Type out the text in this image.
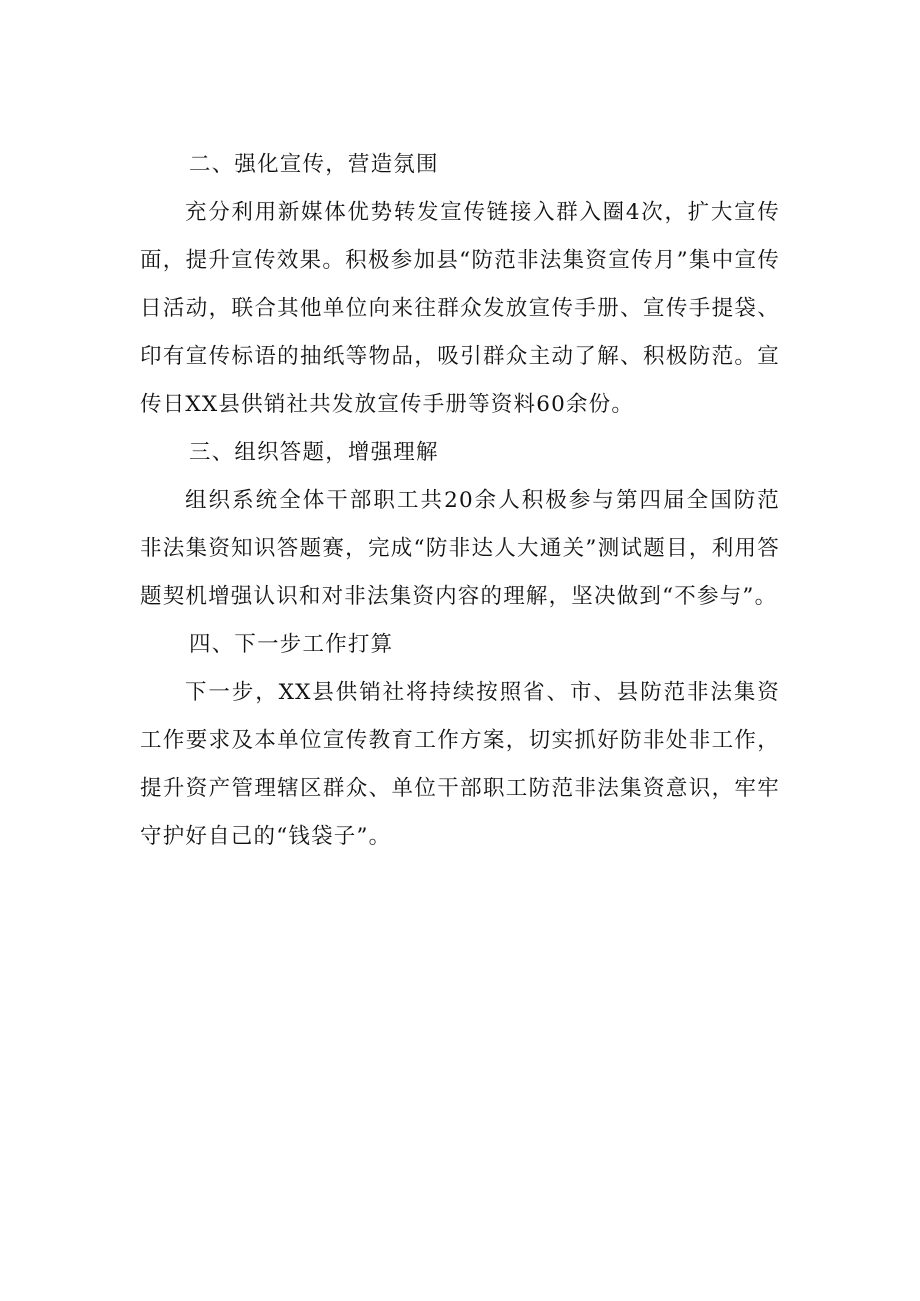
二、强化宣传，营造氛围

充分利用新媒体优势转发宣传链接入群入圈4次，扩大宣传面，提升宣传效果。积极参加县“防范非法集资宣传月”集中宣传日活动，联合其他单位向来往群众发放宣传手册、宣传手提袋、印有宣传标语的抽纸等物品，吸引群众主动了解、积极防范。宣传日XX县供销社共发放宣传手册等资料60余份。

三、组织答题，增强理解

组织系统全体干部职工共20余人积极参与第四届全国防范非法集资知识答题赛，完成“防非达人大通关”测试题目，利用答题契机增强认识和对非法集资内容的理解，坚决做到“不参与”。

四、下一步工作打算

下一步，XX县供销社将持续按照省、市、县防范非法集资工作要求及本单位宣传教育工作方案，切实抓好防非处非工作，提升资产管理辖区群众、单位干部职工防范非法集资意识，牢牢守护好自己的“钱袋子”。
